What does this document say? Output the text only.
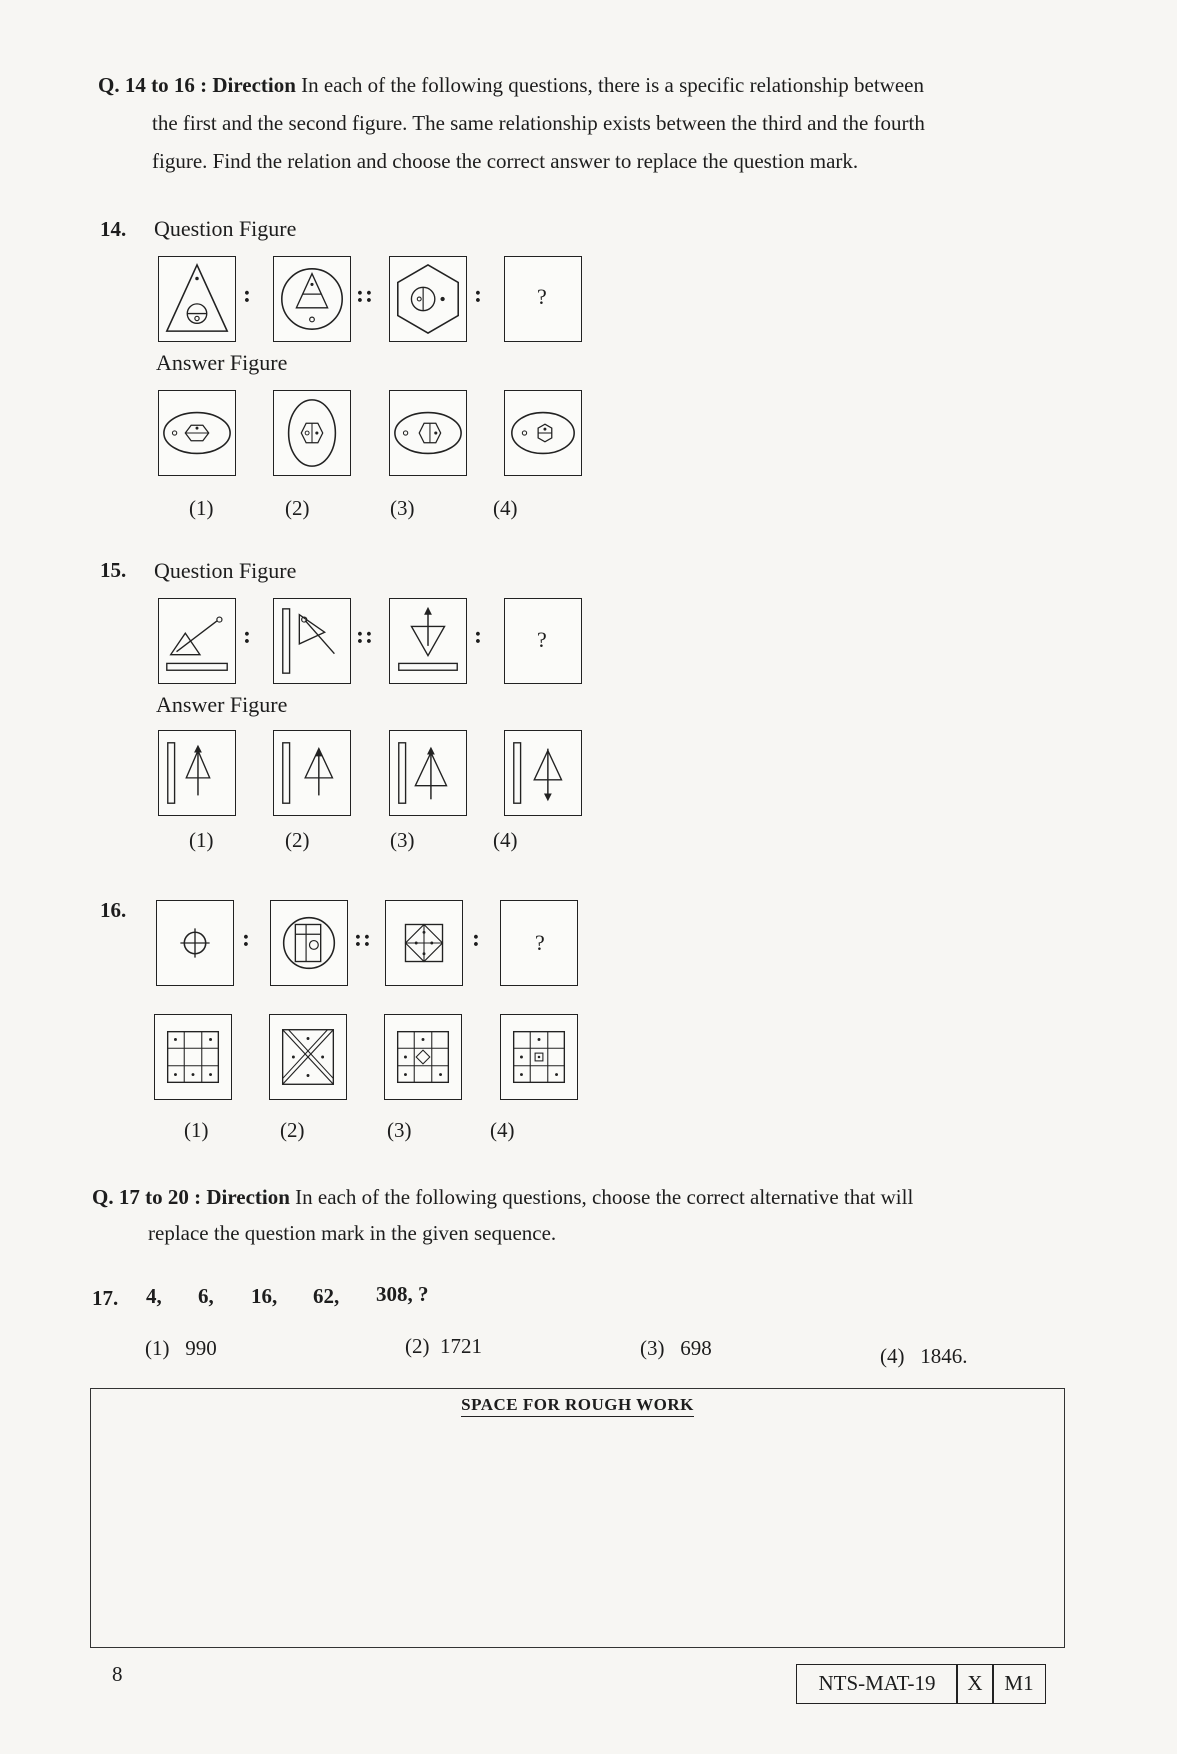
Q. 14 to 16 : Direction In each of the following questions, there is a specific relationship between
the first and the second figure. The same relationship exists between the third and the fourth
figure. Find the relation and choose the correct answer to replace the question mark.
14. Question Figure
:	::	: ?
Answer Figure
(1)	(2)	(3)	(4)
15. Question Figure
:	::	: ?
Answer Figure
(1)	(2)	(3)	(4)
16.
:	::	: ?
(1)	(2)	(3)	(4)
Q. 17 to 20 : Direction In each of the following questions, choose the correct alternative that will
replace the question mark in the given sequence.
17. 4, 6, 16, 62, 308, ?
(1) 990	(2) 1721	(3) 698	(4) 1846.
SPACE FOR ROUGH WORK
8	NTS-MAT-19	X	M1
